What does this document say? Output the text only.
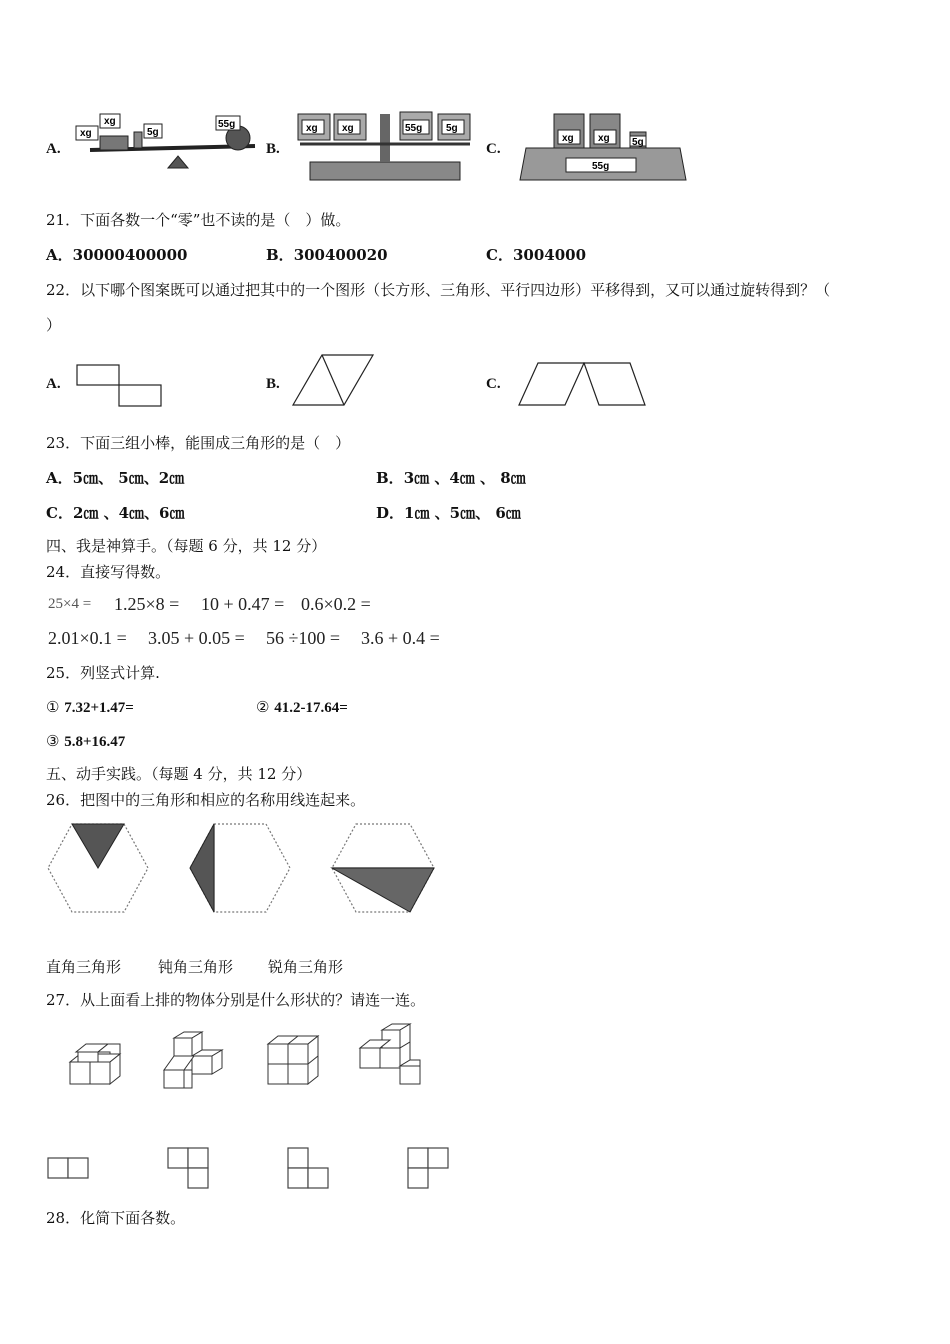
A.	B.	C.
xg
xg
5g
55g	xg xg	55g 5g
55g
xg xg 5g
21．下面各数一个“零”也不读的是（　）做。
A．30000400000	B．300400020	C．3004000
22．以下哪个图案既可以通过把其中的一个图形（长方形、三角形、平行四边形）平移得到，又可以通过旋转得到？（
）
A.	B.	C.
23．下面三组小棒，能围成三角形的是（　）
A．5㎝、 5㎝、2㎝	B．3㎝ 、4㎝ 、 8㎝
C．2㎝ 、4㎝、6㎝	D．1㎝ 、5㎝、 6㎝
四、我是神算手。（每题 6 分，共 12 分）
24．直接写得数。
25×4 = 1.25×8 = 10 + 0.47 = 0.6×0.2 =
2.01×0.1 = 3.05 + 0.05 = 56 ÷100 = 3.6 + 0.4 =
25．列竖式计算.
① 7.32+1.47=	② 41.2-17.64=
③ 5.8+16.47
五、动手实践。（每题 4 分，共 12 分）
26．把图中的三角形和相应的名称用线连起来。
直角三角形 钝角三角形 锐角三角形
27．从上面看上排的物体分别是什么形状的？请连一连。
28．化简下面各数。
